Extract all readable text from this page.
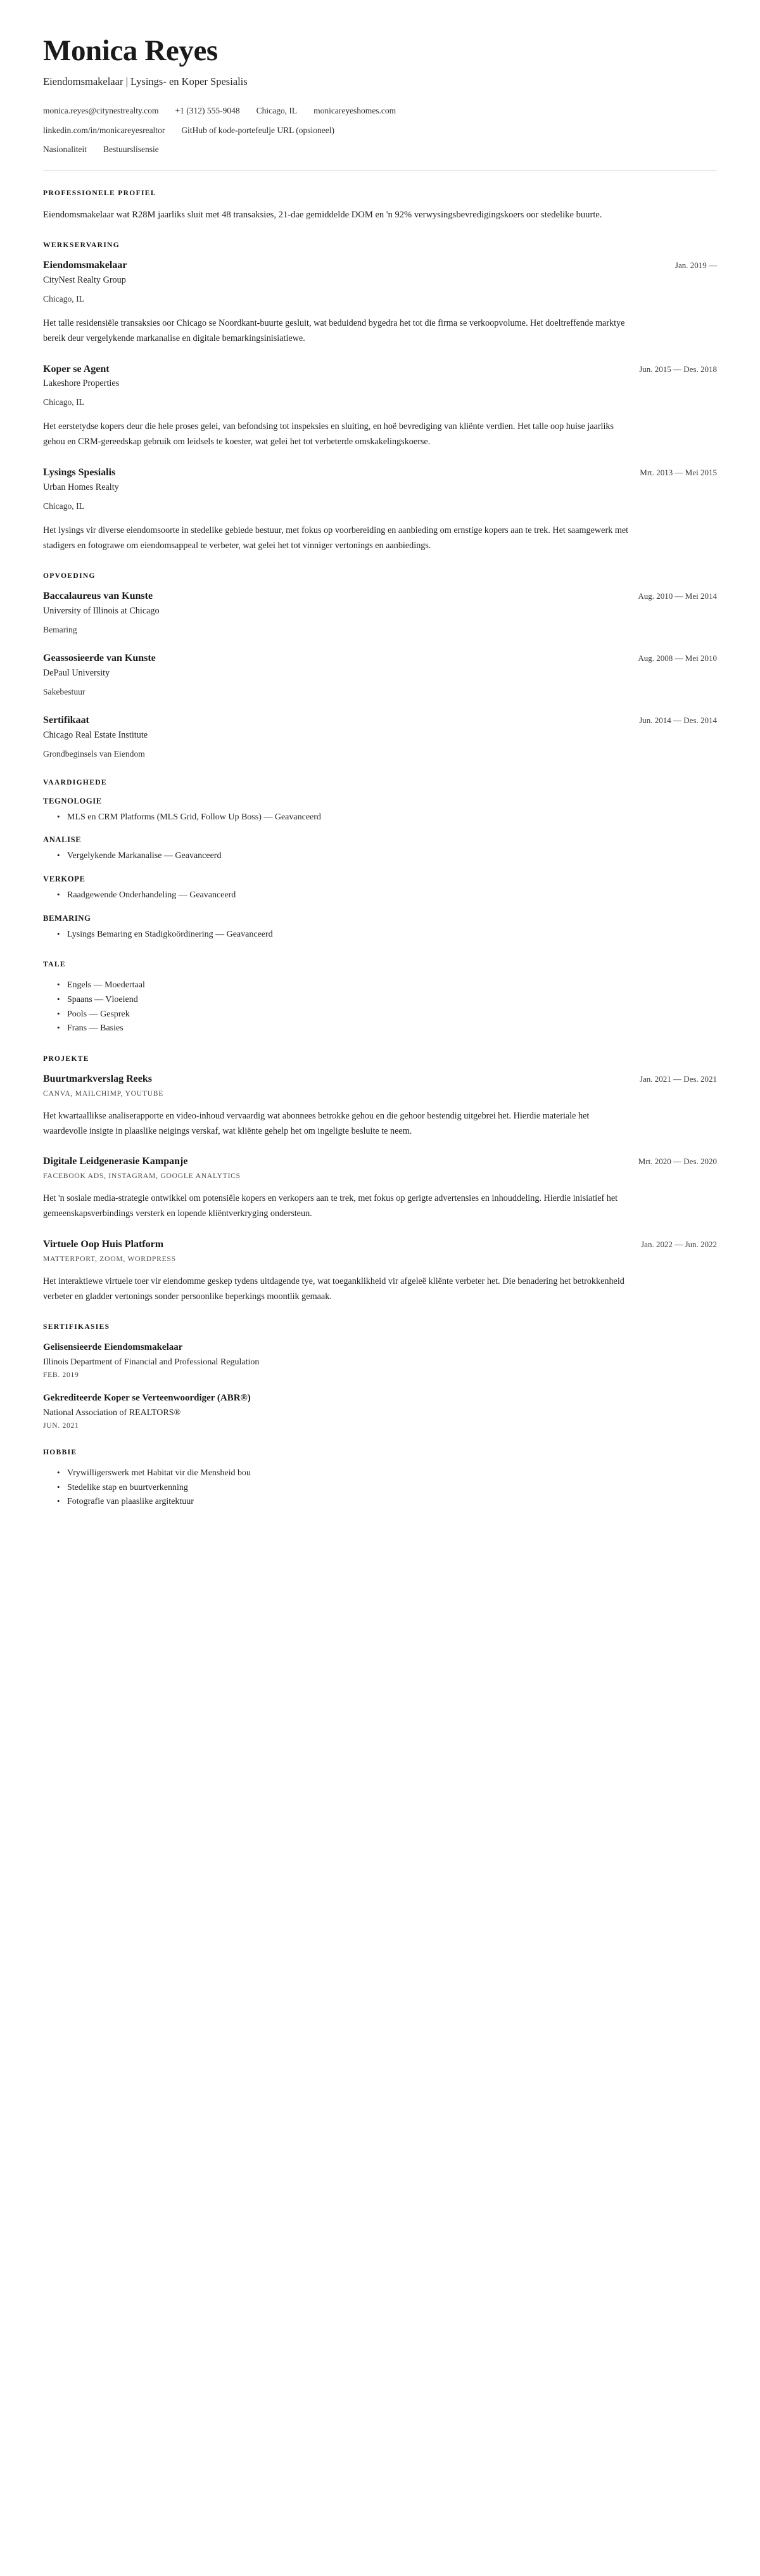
Monica Reyes

Eiendomsmakelaar | Lysings- en Koper Spesialis

monica.reyes@citynestrealty.com +1 (312) 555-9048 Chicago, IL monicareyeshomes.com
linkedin.com/in/monicareyesrealtor GitHub of kode-portefeulje URL (opsioneel)
Nasionaliteit Bestuurslisensie
PROFESSIONELE PROFIEL

Eiendomsmakelaar wat R28M jaarliks sluit met 48 transaksies, 21-dae gemiddelde DOM en 'n 92% verwysingsbevredigingskoers oor stedelike buurte.

WERKSERVARING
Eiendomsmakelaar	Jan. 2019 —

CityNest Realty Group

Chicago, IL

Het talle residensiële transaksies oor Chicago se Noordkant-buurte gesluit, wat beduidend bygedra het tot die firma se verkoopvolume. Het doeltreffende marktye bereik deur vergelykende markanalise en digitale bemarkingsinisiatiewe.

Koper se Agent	Jun. 2015 — Des. 2018

Lakeshore Properties

Chicago, IL

Het eerstetydse kopers deur die hele proses gelei, van befondsing tot inspeksies en sluiting, en hoë bevrediging van kliënte verdien. Het talle oop huise jaarliks gehou en CRM-gereedskap gebruik om leidsels te koester, wat gelei het tot verbeterde omskakelingskoerse.

Lysings Spesialis	Mrt. 2013 — Mei 2015

Urban Homes Realty

Chicago, IL

Het lysings vir diverse eiendomsoorte in stedelike gebiede bestuur, met fokus op voorbereiding en aanbieding om ernstige kopers aan te trek. Het saamgewerk met stadigers en fotograwe om eiendomsappeal te verbeter, wat gelei het tot vinniger vertonings en aanbiedings.

OPVOEDING
Baccalaureus van Kunste	Aug. 2010 — Mei 2014

University of Illinois at Chicago

Bemaring

Geassosieerde van Kunste	Aug. 2008 — Mei 2010

DePaul University

Sakebestuur

Sertifikaat	Jun. 2014 — Des. 2014

Chicago Real Estate Institute

Grondbeginsels van Eiendom

VAARDIGHEDE
TEGNOLOGIE
• MLS en CRM Platforms (MLS Grid, Follow Up Boss) — Geavanceerd
ANALISE
• Vergelykende Markanalise — Geavanceerd
VERKOPE
• Raadgewende Onderhandeling — Geavanceerd
BEMARING
• Lysings Bemaring en Stadigkoördinering — Geavanceerd
TALE
• Engels — Moedertaal
• Spaans — Vloeiend
• Pools — Gesprek
• Frans — Basies
PROJEKTE
Buurtmarkverslag Reeks	Jan. 2021 — Des. 2021

CANVA, MAILCHIMP, YOUTUBE

Het kwartaallikse analiserapporte en video-inhoud vervaardig wat abonnees betrokke gehou en die gehoor bestendig uitgebrei het. Hierdie materiale het waardevolle insigte in plaaslike neigings verskaf, wat kliënte gehelp het om ingeligte besluite te neem.

Digitale Leidgenerasie Kampanje	Mrt. 2020 — Des. 2020

FACEBOOK ADS, INSTAGRAM, GOOGLE ANALYTICS

Het 'n sosiale media-strategie ontwikkel om potensiële kopers en verkopers aan te trek, met fokus op gerigte advertensies en inhouddeling. Hierdie inisiatief het gemeenskapsverbindings versterk en lopende kliëntverkryging ondersteun.

Virtuele Oop Huis Platform	Jan. 2022 — Jun. 2022

MATTERPORT, ZOOM, WORDPRESS

Het interaktiewe virtuele toer vir eiendomme geskep tydens uitdagende tye, wat toeganklikheid vir afgeleë kliënte verbeter het. Die benadering het betrokkenheid verbeter en gladder vertonings sonder persoonlike beperkings moontlik gemaak.

SERTIFIKASIES
Gelisensieerde Eiendomsmakelaar

Illinois Department of Financial and Professional Regulation

FEB. 2019

Gekrediteerde Koper se Verteenwoordiger (ABR®)

National Association of REALTORS®

JUN. 2021

HOBBIE
• Vrywilligerswerk met Habitat vir die Mensheid bou
• Stedelike stap en buurtverkenning
• Fotografie van plaaslike argitektuur
